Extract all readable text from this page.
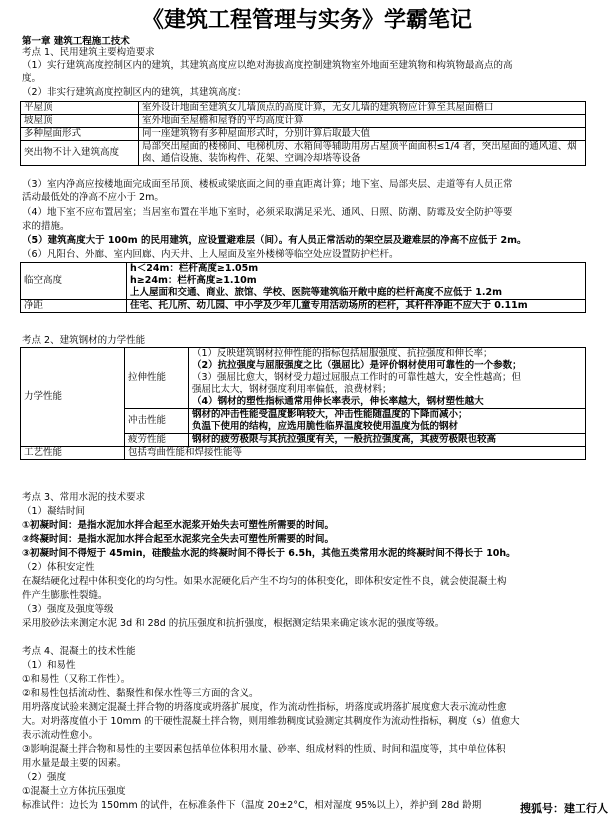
《建筑工程管理与实务》学霸笔记
第一章 建筑工程施工技术
考点 1、民用建筑主要构造要求
（1）实行建筑高度控制区内的建筑，其建筑高度应以绝对海拔高度控制建筑物室外地面至建筑物和构筑物最高点的高
度。
（2）非实行建筑高度控制区内的建筑，其建筑高度：
平屋顶	室外设计地面至建筑女儿墙顶点的高度计算，无女儿墙的建筑物应计算至其屋面檐口
坡屋顶	室外地面至屋檐和屋脊的平均高度计算
多种屋面形式	同一座建筑物有多种屋面形式时，分别计算后取最大值
突出物不计入建筑高度	局部突出屋面的楼梯间、电梯机房、水箱间等辅助用房占屋顶平面面积≤1/4 者，突出屋面的通风道、烟囱、通信设施、装饰构件、花架、空调冷却塔等设备
（3）室内净高应按楼地面完成面至吊顶、楼板或梁底面之间的垂直距离计算；地下室、局部夹层、走道等有人员正常
活动最低处的净高不应小于 2m。
（4）地下室不应布置居室；当居室布置在半地下室时，必须采取满足采光、通风、日照、防潮、防霉及安全防护等要
求的措施。
（5）建筑高度大于 100m 的民用建筑，应设置避难层（间）。有人员正常活动的架空层及避难层的净高不应低于 2m。
（6）凡阳台、外廊、室内回廊、内天井、上人屋面及室外楼梯等临空处应设置防护栏杆。
临空高度	h＜24m：栏杆高度≥1.05m
h≥24m：栏杆高度≥1.10m
上人屋面和交通、商业、旅馆、学校、医院等建筑临开敞中庭的栏杆高度不应低于 1.2m

净距	住宅、托儿所、幼儿园、中小学及少年儿童专用活动场所的栏杆，其杆件净距不应大于 0.11m
考点 2、建筑钢材的力学性能
力学性能	拉伸性能	（1）反映建筑钢材拉伸性能的指标包括屈服强度、抗拉强度和伸长率；
（2）抗拉强度与屈服强度之比（强屈比）是评价钢材使用可靠性的一个参数；
（3）强屈比愈大，钢材受力超过屈服点工作时的可靠性越大，安全性越高；但
强屈比太大，钢材强度利用率偏低，浪费材料；
（4）钢材的塑性指标通常用伸长率表示，伸长率越大，钢材塑性越大

	冲击性能	钢材的冲击性能受温度影响较大，冲击性能随温度的下降而减小；
负温下使用的结构，应选用脆性临界温度较使用温度为低的钢材

	疲劳性能	钢材的疲劳极限与其抗拉强度有关，一般抗拉强度高，其疲劳极限也较高
工艺性能	包括弯曲性能和焊接性能等	
考点 3、常用水泥的技术要求
（1）凝结时间
①初凝时间：是指水泥加水拌合起至水泥浆开始失去可塑性所需要的时间。
②终凝时间：是指水泥加水拌合起至水泥浆完全失去可塑性所需要的时间。
③初凝时间不得短于 45min，硅酸盐水泥的终凝时间不得长于 6.5h，其他五类常用水泥的终凝时间不得长于 10h。
（2）体积安定性
在凝结硬化过程中体积变化的均匀性。如果水泥硬化后产生不均匀的体积变化，即体积安定性不良，就会使混凝土构
件产生膨胀性裂缝。
（3）强度及强度等级
采用胶砂法来测定水泥 3d 和 28d 的抗压强度和抗折强度，根据测定结果来确定该水泥的强度等级。
考点 4、混凝土的技术性能
（1）和易性
①和易性（又称工作性）。
②和易性包括流动性、黏聚性和保水性等三方面的含义。
用坍落度试验来测定混凝土拌合物的坍落度或坍落扩展度，作为流动性指标，坍落度或坍落扩展度愈大表示流动性愈
大。对坍落度值小于 10mm 的干硬性混凝土拌合物，则用维勃稠度试验测定其稠度作为流动性指标，稠度（s）值愈大
表示流动性愈小。
③影响混凝土拌合物和易性的主要因素包括单位体积用水量、砂率、组成材料的性质、时间和温度等，其中单位体积
用水量是最主要的因素。
（2）强度
①混凝土立方体抗压强度
标准试件：边长为 150mm 的试件，在标准条件下（温度 20±2°C，相对湿度 95%以上），养护到 28d 龄期	搜狐号：建工行人
